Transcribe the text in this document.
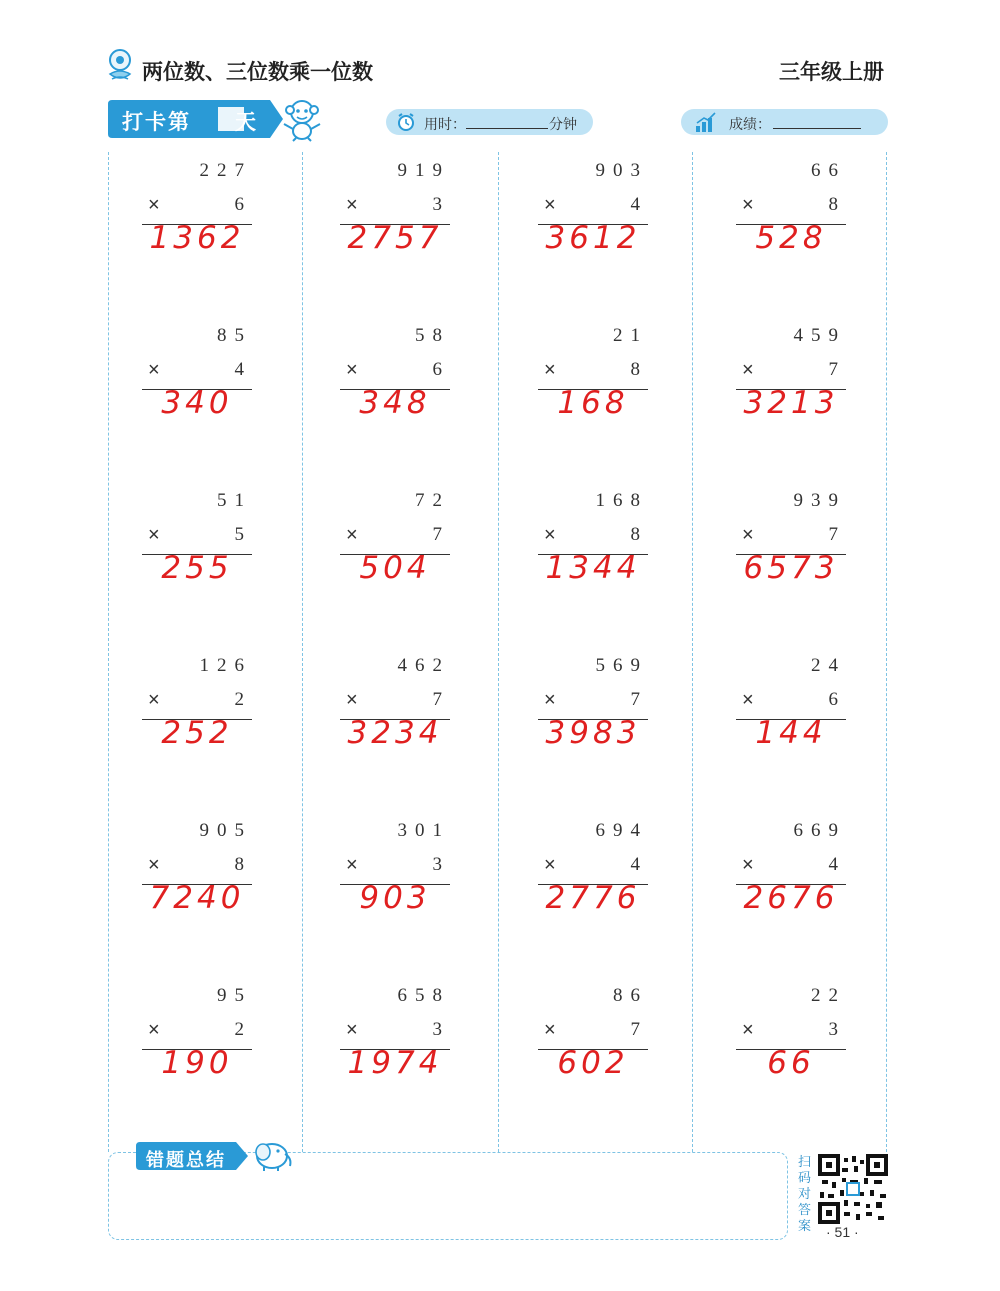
两位数、三位数乘一位数	三年级上册
打卡第 天	用时：	分钟	成绩：
227
×	6
1362
85
×	4
340
51
×	5
255
126
×	2
252
905
×	8
7240
95
×	2
190
919
×	3
2757
58
×	6
348
72
×	7
504
462
×	7
3234
301
×	3
903
658
×	3
1974
903
×	4
3612
21
×	8
168
168
×	8
1344
569
×	7
3983
694
×	4
2776
86
×	7
602
66
×	8
528
459
×	7
3213
939
×	7
6573
24
×	6
144
669
×	4
2676
22
×	3
66
错题总结	扫码对答案	· 51 ·
